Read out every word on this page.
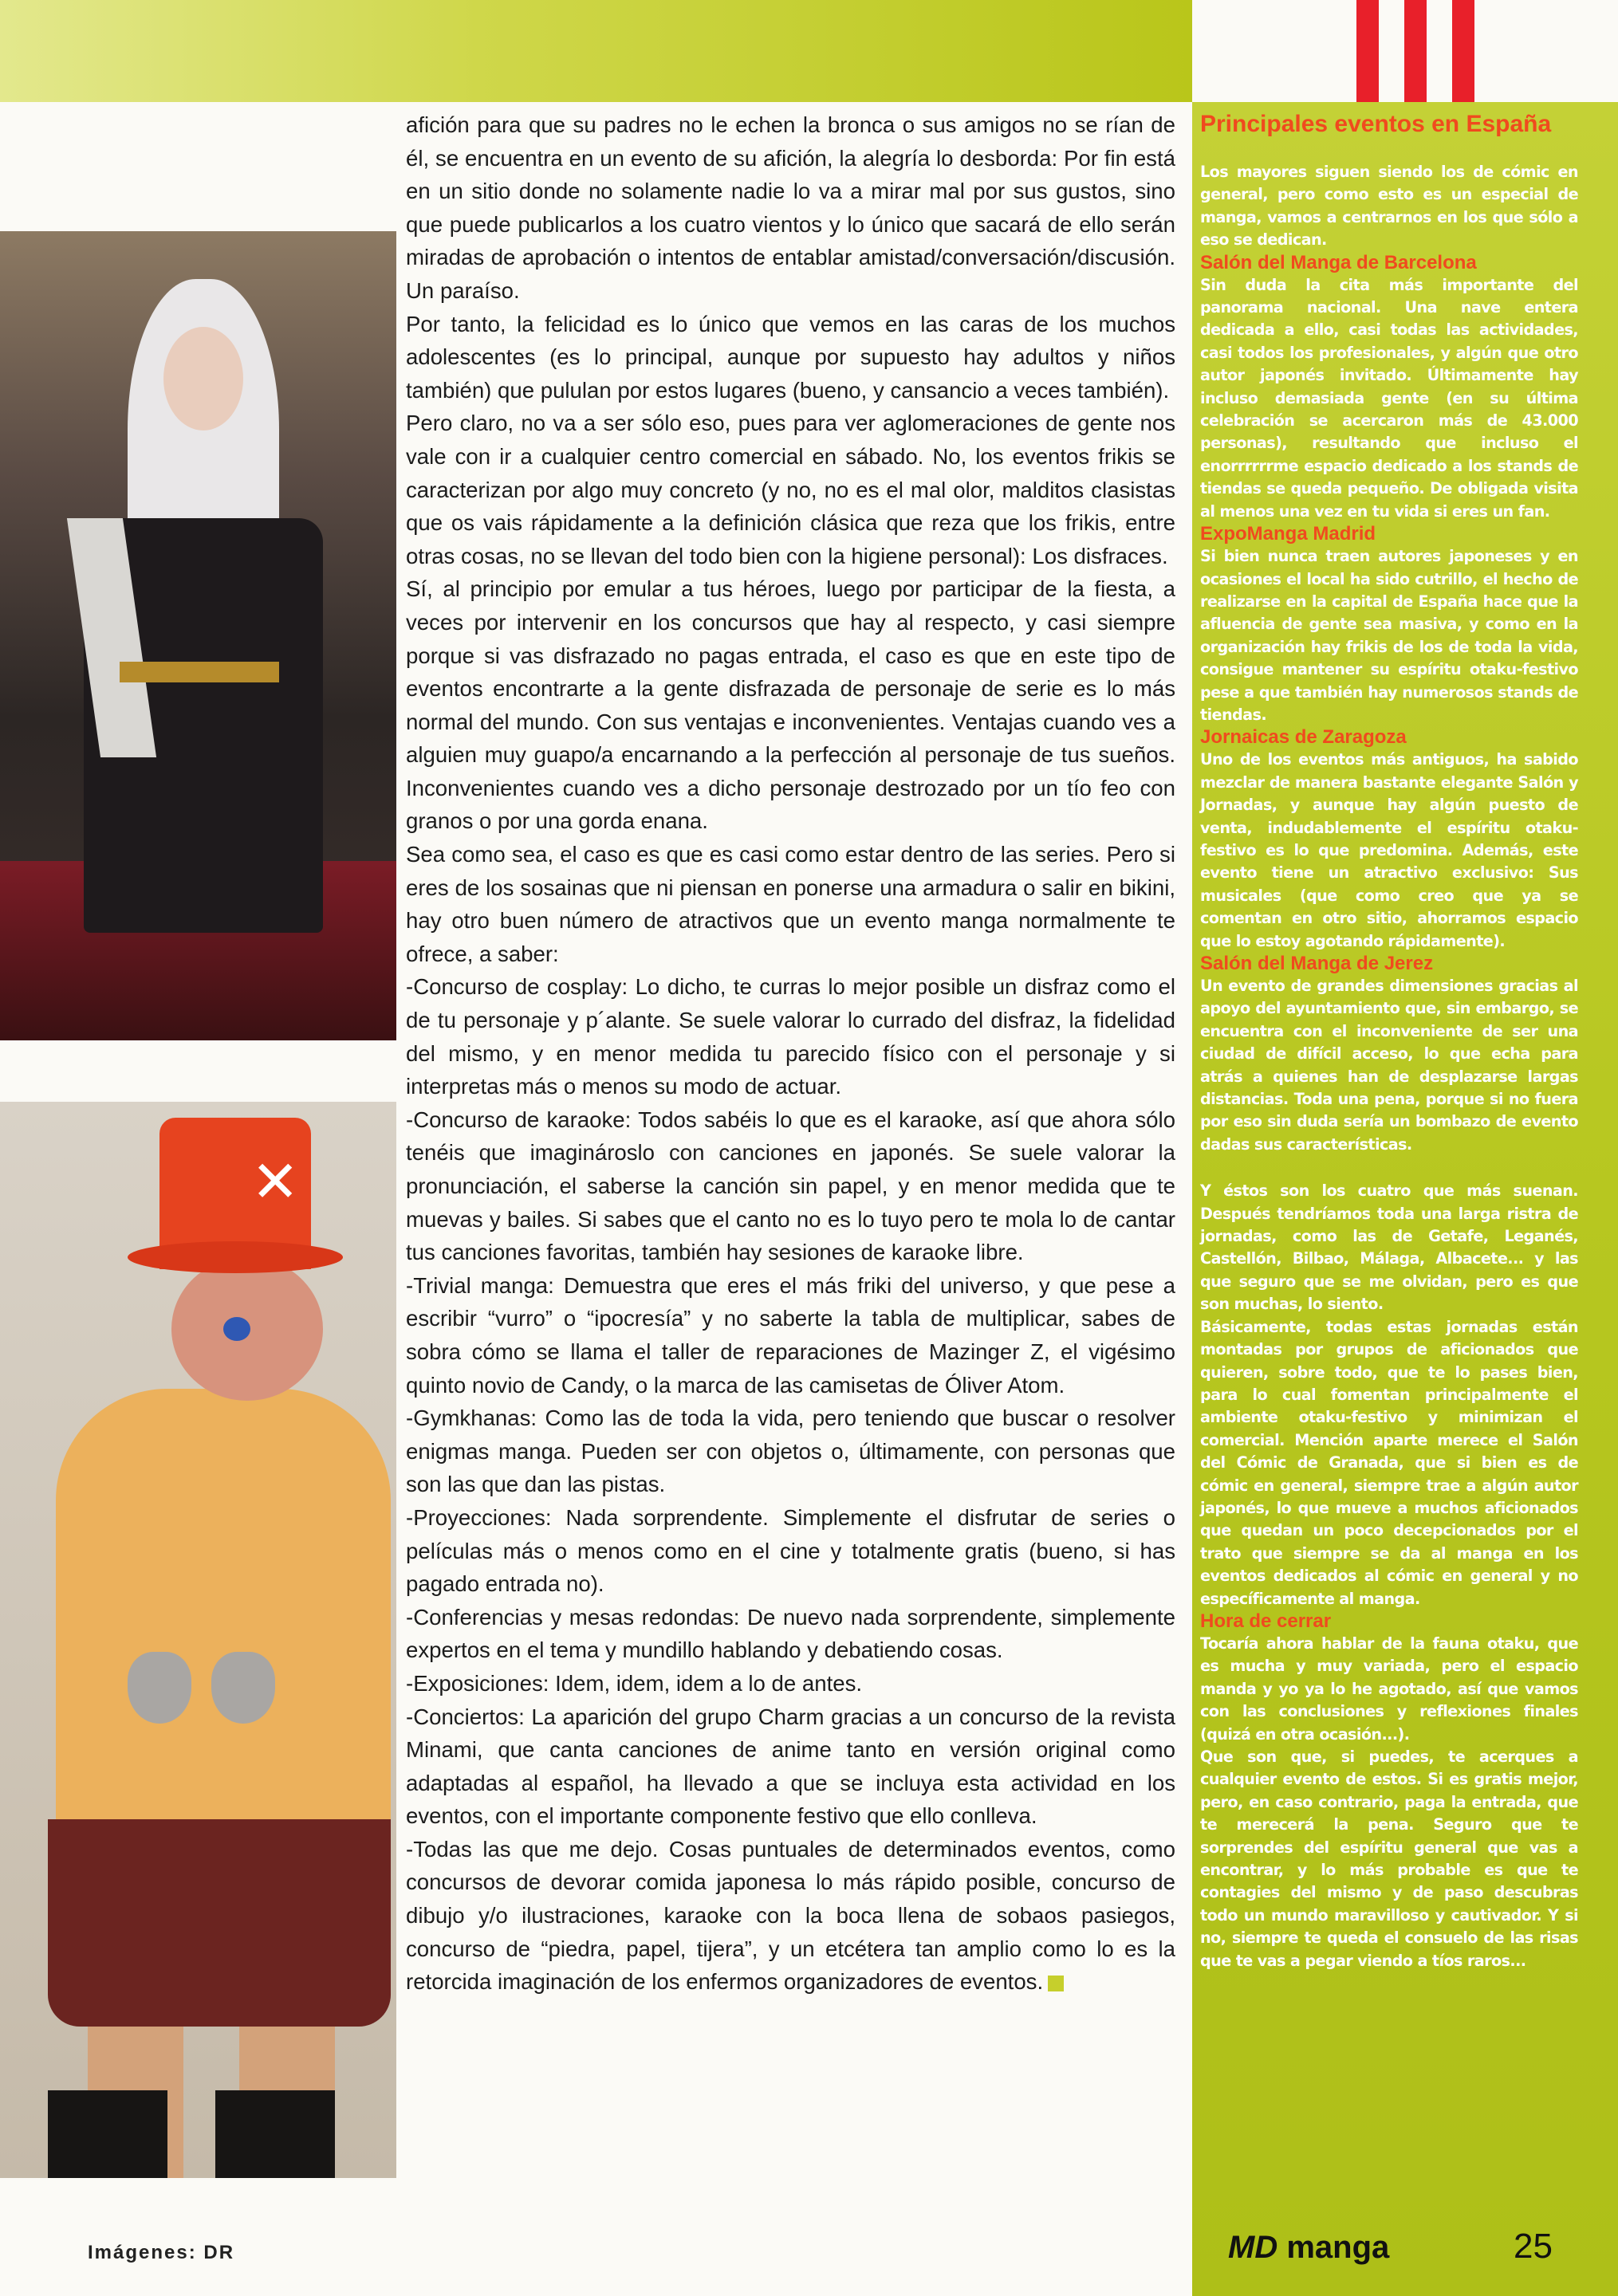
✕

afición para que su padres no le echen la bronca o sus amigos no se rían de él, se encuentra en un evento de su afición, la alegría lo desborda: Por fin está en un sitio donde no solamente nadie lo va a mirar mal por sus gustos, sino que puede publicarlos a los cuatro vientos y lo único que sacará de ello serán miradas de aprobación o intentos de entablar amistad/conversación/discusión. Un paraíso.

Por tanto, la felicidad es lo único que vemos en las caras de los muchos adolescentes (es lo principal, aunque por supuesto hay adultos y niños también) que pululan por estos lugares (bueno, y cansancio a veces también).

Pero claro, no va a ser sólo eso, pues para ver aglomeraciones de gente nos vale con ir a cualquier centro comercial en sábado. No, los eventos frikis se caracterizan por algo muy concreto (y no, no es el mal olor, malditos clasistas que os vais rápidamente a la definición clásica que reza que los frikis, entre otras cosas, no se llevan del todo bien con la higiene personal): Los disfraces.

Sí, al principio por emular a tus héroes, luego por participar de la fiesta, a veces por intervenir en los concursos que hay al respecto, y casi siempre porque si vas disfrazado no pagas entrada, el caso es que en este tipo de eventos encontrarte a la gente disfrazada de personaje de serie es lo más normal del mundo. Con sus ventajas e inconvenientes. Ventajas cuando ves a alguien muy guapo/a encarnando a la perfección al personaje de tus sueños. Inconvenientes cuando ves a dicho personaje destrozado por un tío feo con granos o por una gorda enana.

Sea como sea, el caso es que es casi como estar dentro de las series. Pero si eres de los sosainas que ni piensan en ponerse una armadura o salir en bikini, hay otro buen número de atractivos que un evento manga normalmente te ofrece, a saber:

-Concurso de cosplay: Lo dicho, te curras lo mejor posible un disfraz como el de tu personaje y p´alante. Se suele valorar lo currado del disfraz, la fidelidad del mismo, y en menor medida tu parecido físico con el personaje y si interpretas más o menos su modo de actuar.

-Concurso de karaoke: Todos sabéis lo que es el karaoke, así que ahora sólo tenéis que imaginároslo con canciones en japonés. Se suele valorar la pronunciación, el saberse la canción sin papel, y en menor medida que te muevas y bailes. Si sabes que el canto no es lo tuyo pero te mola lo de cantar tus canciones favoritas, también hay sesiones de karaoke libre.

-Trivial manga: Demuestra que eres el más friki del universo, y que pese a escribir “vurro” o “ipocresía” y no saberte la tabla de multiplicar, sabes de sobra cómo se llama el taller de reparaciones de Mazinger Z, el vigésimo quinto novio de Candy, o la marca de las camisetas de Óliver Atom.

-Gymkhanas: Como las de toda la vida, pero teniendo que buscar o resolver enigmas manga. Pueden ser con objetos o, últimamente, con personas que son las que dan las pistas.

-Proyecciones: Nada sorprendente. Simplemente el disfrutar de series o películas más o menos como en el cine y totalmente gratis (bueno, si has pagado entrada no).

-Conferencias y mesas redondas: De nuevo nada sorprendente, simplemente expertos en el tema y mundillo hablando y debatiendo cosas.

-Exposiciones: Idem, idem, idem a lo de antes.

-Conciertos: La aparición del grupo Charm gracias a un concurso de la revista Minami, que canta canciones de anime tanto en versión original como adaptadas al español, ha llevado a que se incluya esta actividad en los eventos, con el importante componente festivo que ello conlleva.

-Todas las que me dejo. Cosas puntuales de determinados eventos, como concursos de devorar comida japonesa lo más rápido posible, concurso de dibujo y/o ilustraciones, karaoke con la boca llena de sobaos pasiegos, concurso de “piedra, papel, tijera”, y un etcétera tan amplio como lo es la retorcida imaginación de los enfermos organizadores de eventos.

Principales eventos en España
Los mayores siguen siendo los de cómic en general, pero como esto es un especial de manga, vamos a centrarnos en los que sólo a eso se dedican.
Salón del Manga de Barcelona
Sin duda la cita más importante del panorama nacional. Una nave entera dedicada a ello, casi todas las actividades, casi todos los profesionales, y algún que otro autor japonés invitado. Últimamente hay incluso demasiada gente (en su última celebración se acercaron más de 43.000 personas), resultando que incluso el enorrrrrrme espacio dedicado a los stands de tiendas se queda pequeño. De obligada visita al menos una vez en tu vida si eres un fan.
ExpoManga Madrid
Si bien nunca traen autores japoneses y en ocasiones el local ha sido cutrillo, el hecho de realizarse en la capital de España hace que la afluencia de gente sea masiva, y como en la organización hay frikis de los de toda la vida, consigue mantener su espíritu otaku-festivo pese a que también hay numerosos stands de tiendas.
Jornaicas de Zaragoza
Uno de los eventos más antiguos, ha sabido mezclar de manera bastante elegante Salón y Jornadas, y aunque hay algún puesto de venta, indudablemente el espíritu otaku-festivo es lo que predomina. Además, este evento tiene un atractivo exclusivo: Sus musicales (que como creo que ya se comentan en otro sitio, ahorramos espacio que lo estoy agotando rápidamente).
Salón del Manga de Jerez
Un evento de grandes dimensiones gracias al apoyo del ayuntamiento que, sin embargo, se encuentra con el inconveniente de ser una ciudad de difícil acceso, lo que echa para atrás a quienes han de desplazarse largas distancias. Toda una pena, porque si no fuera por eso sin duda sería un bombazo de evento dadas sus características.
Y éstos son los cuatro que más suenan. Después tendríamos toda una larga ristra de jornadas, como las de Getafe, Leganés, Castellón, Bilbao, Málaga, Albacete... y las que seguro que se me olvidan, pero es que son muchas, lo siento.
Básicamente, todas estas jornadas están montadas por grupos de aficionados que quieren, sobre todo, que te lo pases bien, para lo cual fomentan principalmente el ambiente otaku-festivo y minimizan el comercial. Mención aparte merece el Salón del Cómic de Granada, que si bien es de cómic en general, siempre trae a algún autor japonés, lo que mueve a muchos aficionados que quedan un poco decepcionados por el trato que siempre se da al manga en los eventos dedicados al cómic en general y no específicamente al manga.
Hora de cerrar
Tocaría ahora hablar de la fauna otaku, que es mucha y muy variada, pero el espacio manda y yo ya lo he agotado, así que vamos con las conclusiones y reflexiones finales (quizá en otra ocasión...).
Que son que, si puedes, te acerques a cualquier evento de estos. Si es gratis mejor, pero, en caso contrario, paga la entrada, que te merecerá la pena. Seguro que te sorprendes del espíritu general que vas a encontrar, y lo más probable es que te contagies del mismo y de paso descubras todo un mundo maravilloso y cautivador. Y si no, siempre te queda el consuelo de las risas que te vas a pegar viendo a tíos raros...
Imágenes: DR	MD manga	25
